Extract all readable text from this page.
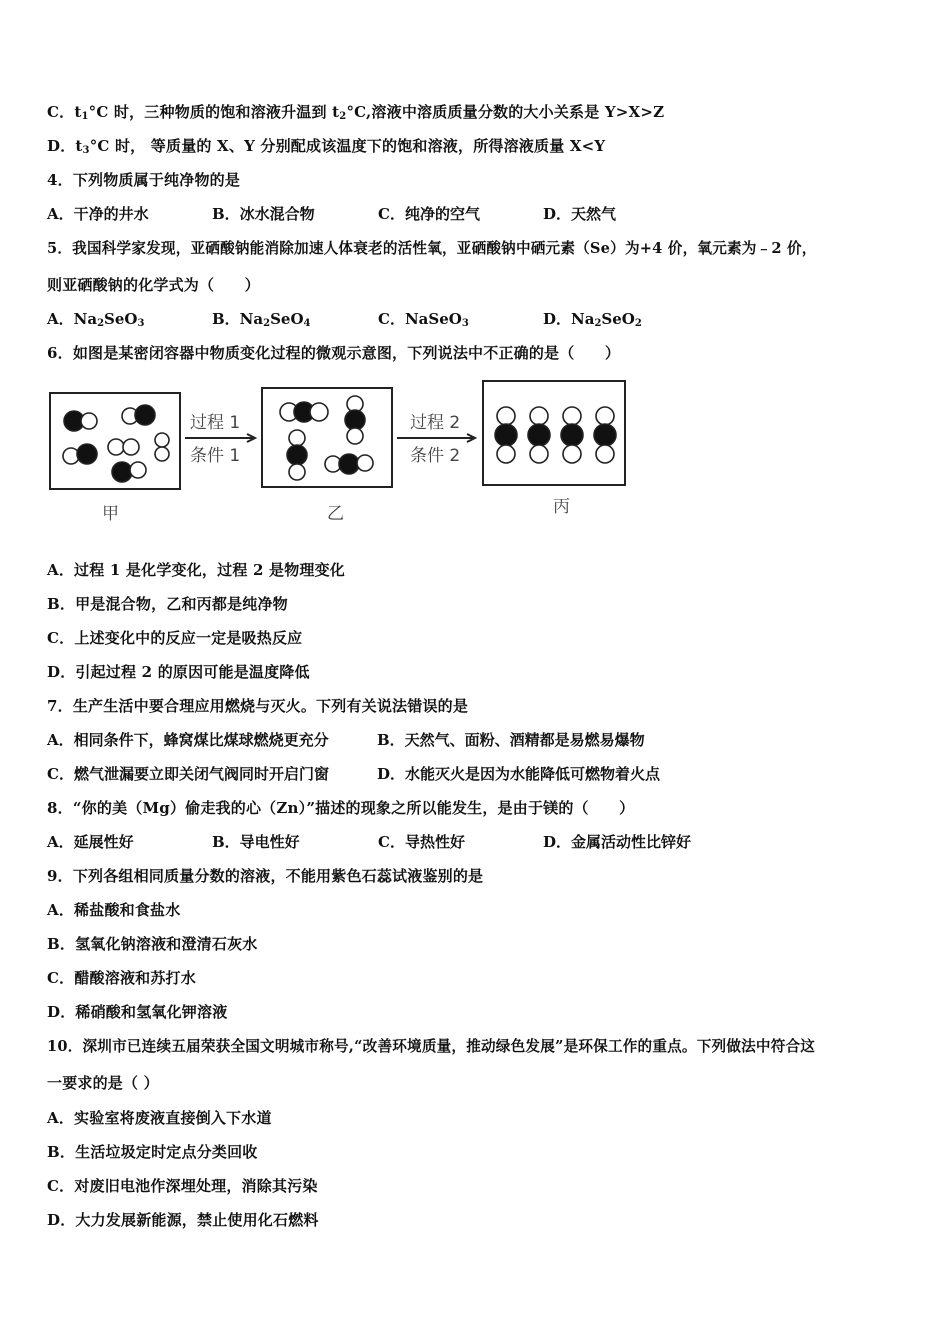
C．$t_1^\circ C$ 时，三种物质的饱和溶液升温到 $t_2^\circ C$,溶液中溶质质量分数的大小关系是 Y>X>Z
D．$t_3^\circ C$ 时， 等质量的 X、Y 分别配成该温度下的饱和溶液，所得溶液质量 X<Y
4．下列物质属于纯净物的是
A．干净的井水	B．冰水混合物	C．纯净的空气	D．天然气
5．我国科学家发现，亚硒酸钠能消除加速人体衰老的活性氧，亚硒酸钠中硒元素（Se）为+4 价，氧元素为﹣2 价，
则亚硒酸钠的化学式为（　　）
A．$Na_2SeO_3$	B．$Na_2SeO_4$	C．NaSeO$_3$	D．$Na_2SeO_2$
6．如图是某密闭容器中物质变化过程的微观示意图，下列说法中不正确的是（　　）
过程 1
条件 1
过程 2
条件 2
甲	乙	丙
A．过程 1 是化学变化，过程 2 是物理变化
B．甲是混合物，乙和丙都是纯净物
C．上述变化中的反应一定是吸热反应
D．引起过程 2 的原因可能是温度降低
7．生产生活中要合理应用燃烧与灭火。下列有关说法错误的是
A．相同条件下，蜂窝煤比煤球燃烧更充分	B．天然气、面粉、酒精都是易燃易爆物
C．燃气泄漏要立即关闭气阀同时开启门窗	D．水能灭火是因为水能降低可燃物着火点
8．“你的美（Mg）偷走我的心（Zn）”描述的现象之所以能发生，是由于镁的（　　）
A．延展性好	B．导电性好	C．导热性好	D．金属活动性比锌好
9．下列各组相同质量分数的溶液，不能用紫色石蕊试液鉴别的是
A．稀盐酸和食盐水
B．氢氧化钠溶液和澄清石灰水
C．醋酸溶液和苏打水
D．稀硝酸和氢氧化钾溶液
10．深圳市已连续五届荣获全国文明城市称号,“改善环境质量，推动绿色发展”是环保工作的重点。下列做法中符合这
一要求的是（ ）
A．实验室将废液直接倒入下水道
B．生活垃圾定时定点分类回收
C．对废旧电池作深埋处理，消除其污染
D．大力发展新能源，禁止使用化石燃料
